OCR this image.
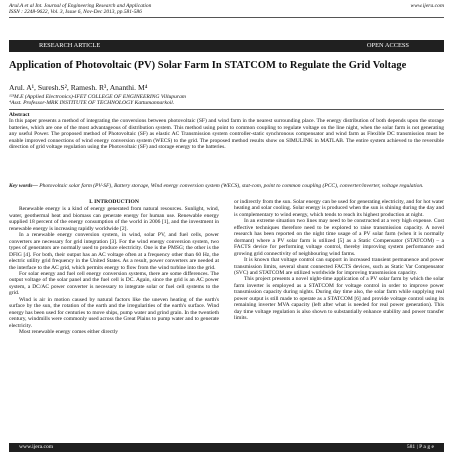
Arul.A et al Int. Journal of Engineering Research and Application
ISSN : 2248-9622, Vol. 3, Issue 6, Nov-Dec 2013, pp.581-586
www.ijera.com
RESEARCH ARTICLE	OPEN ACCESS
Application of Photovoltaic (PV) Solar Farm In STATCOM to Regulate the Grid Voltage
Arul. A¹, Suresh.S², Ramesh. R³, Ananthi. M⁴
¹²³M.E (Applied Electronics)-IFET COLLEGE OF ENGINEERING Villupuram
⁴Asst. Professor-MRK INSTITUTE OF TECHNOLOGY Kattumannarkoil.
Abstract
In this paper presents a method of integrating the conversions between photovoltaic (SF) and wind farm in the nearest surrounding place. The energy distribution of both depends upon the storage batteries, which are one of the most advantageous of distribution system. This method using point to common coupling to regulate voltage on the line night, when the solar farm is not generating any useful Power. The proposed method of Photovoltaic (SF) as elastic AC Transmission system controller-static synchronous compensator and wind farm as Flexible DC transmission must be enable improved connections of wind energy conversion system (WECS) to the grid. The proposed method results show on SIMULINK in MATLAB. The entire system achieved to the reversible direction of grid voltage regulation using the Photovoltaic (SF) and storage energy to the batteries.
Key words— Photovoltaic solar farm (PV-SF), Battery storage, Wind energy conversion system (WECS), stat-com, point to common coupling (PCC), converter/inverter, voltage regulation.
I. INTRODUCTION

Renewable energy is a kind of energy generated from natural resources. Sunlight, wind, water, geothermal heat and biomass can generate energy for human use. Renewable energy supplied 18 percent of the energy consumption of the world in 2006 [1], and the investment in renewable energy is increasing rapidly worldwide [2].

In a renewable energy conversion system, in wind, solar PV, and fuel cells, power converters are necessary for grid integration [3]. For the wind energy conversion system, two types of generators are normally used to produce electricity. One is the PMSG; the other is the DFIG [4]. For both, their output has an AC voltage often at a frequency other than 60 Hz, the electric utility grid frequency in the United States. As a result, power converters are needed at the interface to the AC grid, which permits energy to flow from the wind turbine into the grid.

For solar energy and fuel cell energy conversion systems, there are some differences. The output voltage of the solar panel and the fuel cell is DC. Again, since the grid is an AC power system, a DC/AC power converter is necessary to integrate solar or fuel cell systems to the grid.

Wind is air in motion caused by natural factors like the uneven heating of the earth's surface by the sun, the rotation of the earth and the irregularities of the earth's surface. Wind energy has been used for centuries to move ships, pump water and grind grain. In the twentieth century, windmills were commonly used across the Great Plains to pump water and to generate electricity.

Most renewable energy comes either directly

or indirectly from the sun. Solar energy can be used for generating electricity, and for hot water heating and solar cooling. Solar energy is produced when the sun is shining during the day and is complementary to wind energy, which tends to reach its highest production at night.

In an extreme situation two lines may need to be constructed at a very high expense. Cost effective techniques therefore need to be explored to raise transmission capacity. A novel research has been reported on the night time usage of a PV solar farm (when it is normally dormant) where a PV solar farm is utilized [5] as a Static Compensator (STATCOM) – a FACTS device for performing voltage control, thereby improving system performance and growing grid connectivity of neighbouring wind farms.

It is known that voltage control can support in increased transient permanence and power transmission limits, several shunt connected FACTS devices, such as Static Var Compensator (SVC) and STATCOM are utilized worldwide for improving transmission capacity.

This project presents a novel night-time application of a PV solar farm by which the solar farm inverter is employed as a STATCOM for voltage control in order to improve power transmission capacity during nights. During day time also, the solar farm while supplying real power output is still made to operate as a STATCOM [6] and provide voltage control using its remaining inverter MVA capacity (left after what is needed for real power generation). This day time voltage regulation is also shown to substantially enhance stability and power transfer limits.

www.ijera.com	581 | P a g e
